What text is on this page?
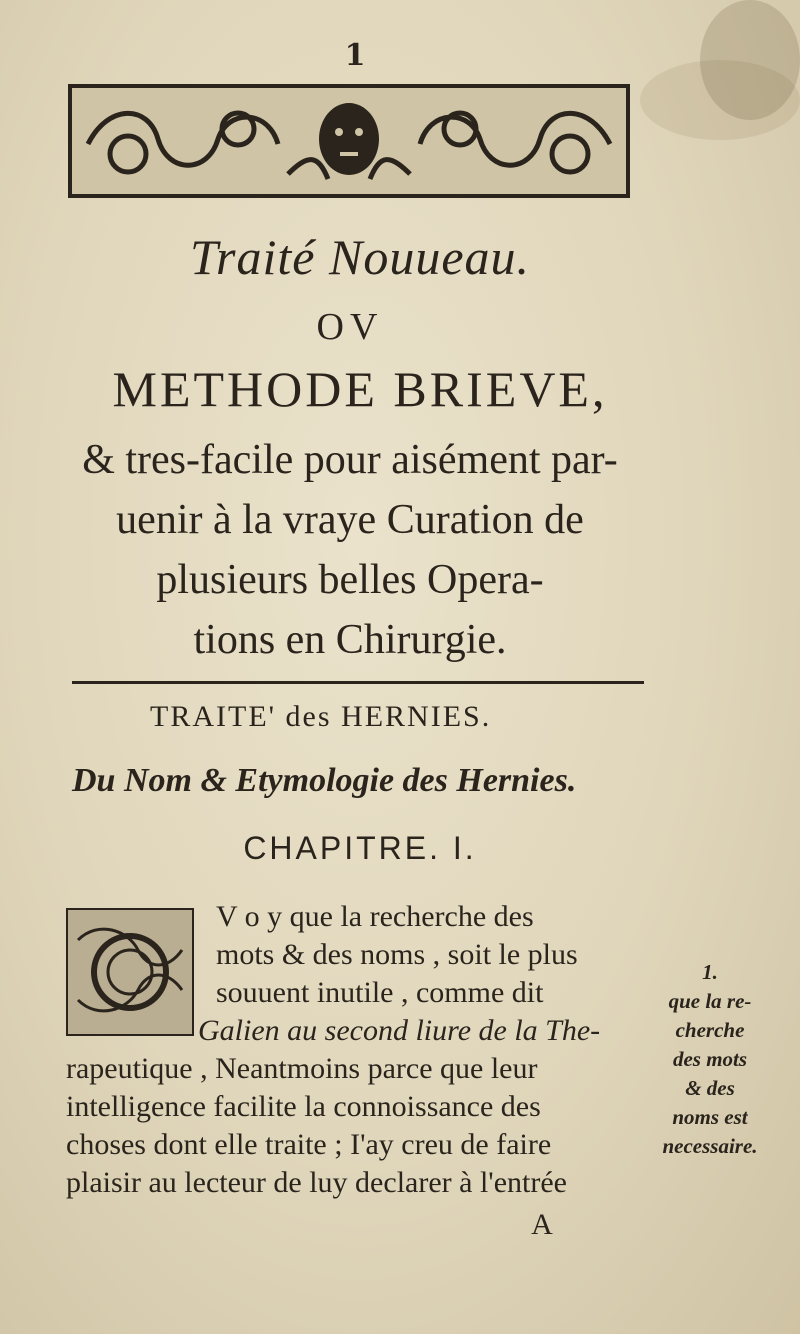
1
Traité Nouueau.
OV
METHODE BRIEVE,
& tres-facile pour aisément par-
uenir à la vraye Curation de
plusieurs belles Opera-
tions en Chirurgie.
TRAITE' des HERNIES.
Du Nom & Etymologie des Hernies.
CHAPITRE. I.
V o y que la recherche des
mots & des noms , soit le plus
souuent inutile , comme dit
Galien au second liure de la The-
rapeutique , Neantmoins parce que leur
intelligence facilite la connoissance des
choses dont elle traite ; I'ay creu de faire
plaisir au lecteur de luy declarer à l'entrée
1.
que la re-
cherche
des mots
& des
noms est
necessaire.
A
